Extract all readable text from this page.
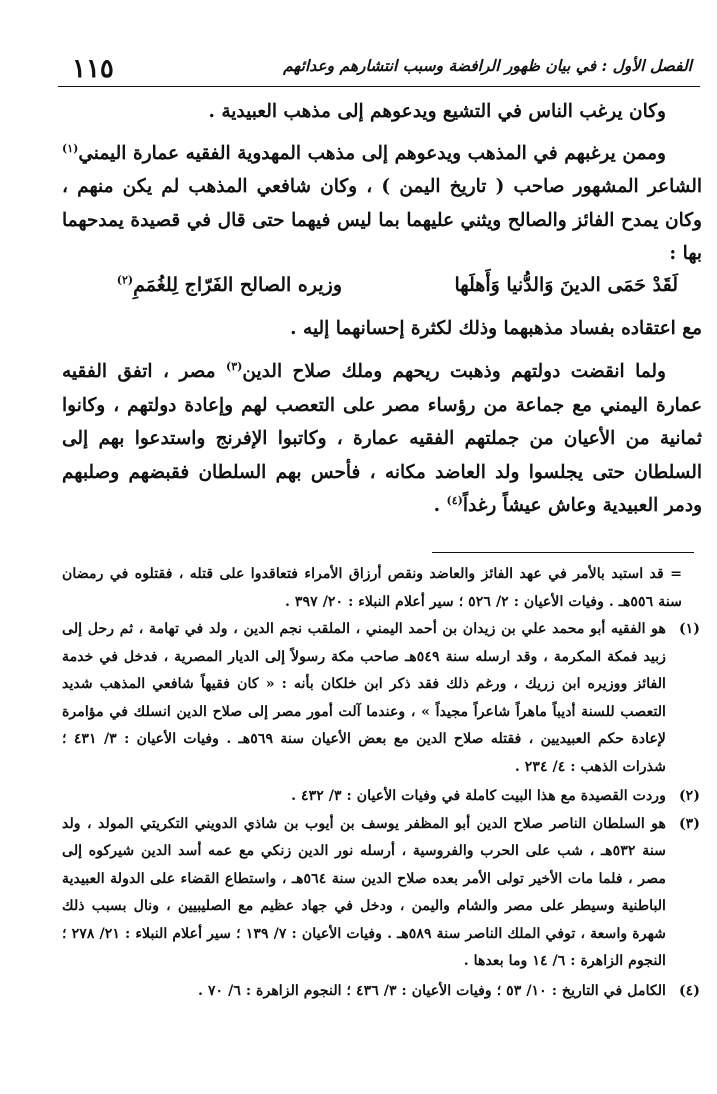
١١٥	الفصل الأول : في بيان ظهور الرافضة وسبب انتشارهم وعدائهم

وكان يرغب الناس في التشيع ويدعوهم إلى مذهب العبيدية .

وممن يرغبهم في المذهب ويدعوهم إلى مذهب المهدوية الفقيه عمارة اليمني$^{(١)}$ الشاعر المشهور صاحب ( تاريخ اليمن ) ، وكان شافعي المذهب لم يكن منهم ، وكان يمدح الفائز والصالح ويثني عليهما بما ليس فيهما حتى قال في قصيدة يمدحهما بها :

لَقَدْ حَمَى الدينَ وَالدُّنيا وَأَهلَها
وزيره الصالح الفَرّاج لِلغُمَمِ$^{(٢)}$

مع اعتقاده بفساد مذهبهما وذلك لكثرة إحسانهما إليه .

ولما انقضت دولتهم وذهبت ريحهم وملك صلاح الدين$^{(٣)}$ مصر ، اتفق الفقيه عمارة اليمني مع جماعة من رؤساء مصر على التعصب لهم وإعادة دولتهم ، وكانوا ثمانية من الأعيان من جملتهم الفقيه عمارة ، وكاتبوا الإفرنج واستدعوا بهم إلى السلطان حتى يجلسوا ولد العاضد مكانه ، فأحس بهم السلطان فقبضهم وصلبهم ودمر العبيدية وعاش عيشاً رغداً$^{(٤)}$ .

= قد استبد بالأمر في عهد الفائز والعاضد ونقص أرزاق الأمراء فتعاقدوا على قتله ، فقتلوه في رمضان سنة ٥٥٦هـ . وفيات الأعيان : ٢/ ٥٢٦ ؛ سير أعلام النبلاء : ٢٠/ ٣٩٧ .

(١)
هو الفقيه أبو محمد علي بن زيدان بن أحمد اليمني ، الملقب نجم الدين ، ولد في تهامة ، ثم رحل إلى زبيد فمكة المكرمة ، وقد ارسله سنة ٥٤٩هـ صاحب مكة رسولاً إلى الديار المصرية ، فدخل في خدمة الفائز ووزيره ابن زريك ، ورغم ذلك فقد ذكر ابن خلكان بأنه : « كان فقيهاً شافعي المذهب شديد التعصب للسنة أديباً ماهراً شاعراً مجيداً » ، وعندما آلت أمور مصر إلى صلاح الدين انسلك في مؤامرة لإعادة حكم العبيديين ، فقتله صلاح الدين مع بعض الأعيان سنة ٥٦٩هـ . وفيات الأعيان : ٣/ ٤٣١ ؛ شذرات الذهب : ٤/ ٢٣٤ .

(٢)
وردت القصيدة مع هذا البيت كاملة في وفيات الأعيان : ٣/ ٤٣٢ .

(٣)
هو السلطان الناصر صلاح الدين أبو المظفر يوسف بن أيوب بن شاذي الدويني التكريتي المولد ، ولد سنة ٥٣٢هـ ، شب على الحرب والفروسية ، أرسله نور الدين زنكي مع عمه أسد الدين شيركوه إلى مصر ، فلما مات الأخير تولى الأمر بعده صلاح الدين سنة ٥٦٤هـ ، واستطاع القضاء على الدولة العبيدية الباطنية وسيطر على مصر والشام واليمن ، ودخل في جهاد عظيم مع الصليبيين ، ونال بسبب ذلك شهرة واسعة ، توفي الملك الناصر سنة ٥٨٩هـ . وفيات الأعيان : ٧/ ١٣٩ ؛ سير أعلام النبلاء : ٢١/ ٢٧٨ ؛ النجوم الزاهرة : ٦/ ١٤ وما بعدها .

(٤)
الكامل في التاريخ : ١٠/ ٥٣ ؛ وفيات الأعيان : ٣/ ٤٣٦ ؛ النجوم الزاهرة : ٦/ ٧٠ .
